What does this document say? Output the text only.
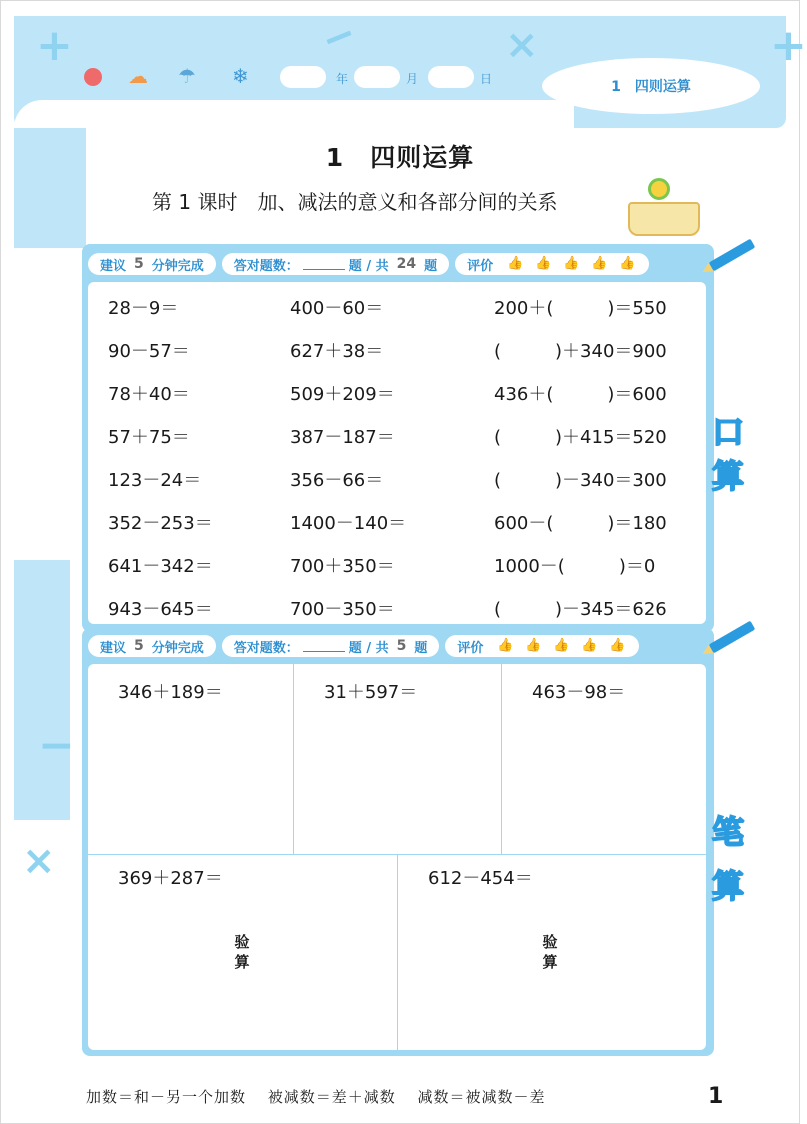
+	−	×	+
−
×
☁ ☂ ❄	年	月	日	1　四则运算
1　四则运算
第 1 课时　加、减法的意义和各部分间的关系
建议 5 分钟完成 答对题数：	题 / 共 24 题 评价 👍 👍 👍 👍 👍
口
算
28－9＝	400－60＝	200＋(　　　)＝550
90－57＝	627＋38＝	(　　　)＋340＝900
78＋40＝	509＋209＝	436＋(　　　)＝600
57＋75＝	387－187＝	(　　　)＋415＝520
123－24＝	356－66＝	(　　　)－340＝300
352－253＝	1400－140＝	600－(　　　)＝180
641－342＝	700＋350＝	1000－(　　　)＝0
943－645＝	700－350＝	(　　　)－345＝626
建议 5 分钟完成 答对题数：	题 / 共 5 题 评价 👍 👍 👍 👍 👍
346＋189＝	31＋597＝	463－98＝
369＋287＝	612－454＝
验
算
验
算
笔
算
加数＝和－另一个加数　 被减数＝差＋减数　 减数＝被减数－差	1
